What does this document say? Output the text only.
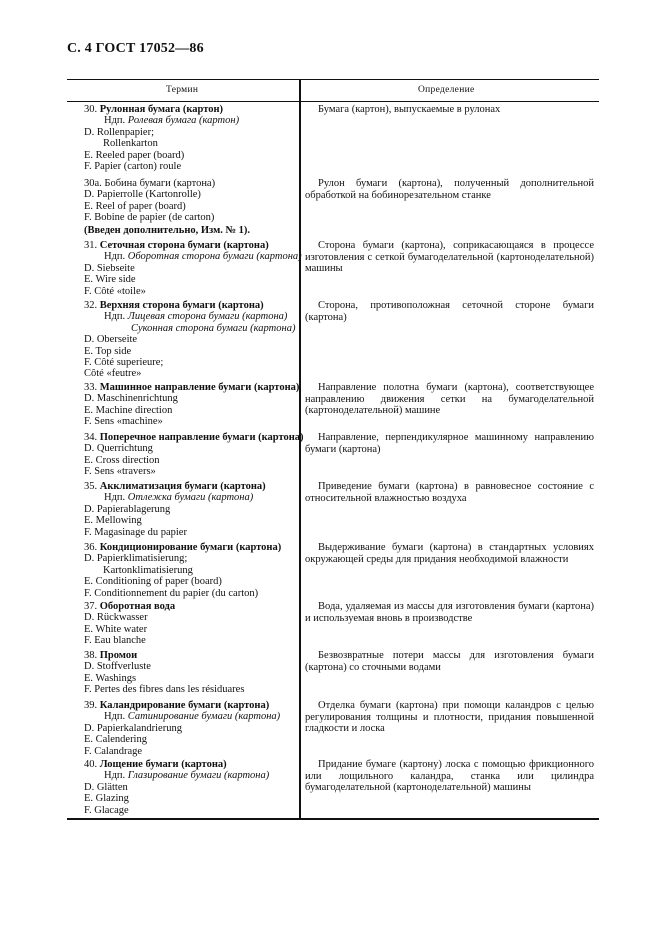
С. 4 ГОСТ 17052—86
Термин	Определение
30. Рулонная бумага (картон)
Ндп. Ролевая бумага (картон)
D. Rollenpapier;
Rollenkarton
E. Reeled paper (board)
F. Papier (carton) roule
Бумага (картон), выпускаемые в рулонах
30а. Бобина бумаги (картона)
D. Papierrolle (Kartonrolle)
E. Reel of paper (board)
F. Bobine de papier (de carton)
Рулон бумаги (картона), полученный дополнительной обработкой на бобинорезательном станке
(Введен дополнительно, Изм. № 1).
31. Сеточная сторона бумаги (картона)
Ндп. Оборотная сторона бумаги (картона)
D. Siebseite
E. Wire side
F. Côté «toile»
Сторона бумаги (картона), соприкасающаяся в процессе изготовления с сеткой бумагоделательной (картоноделательной) машины
32. Верхняя сторона бумаги (картона)
Ндп. Лицевая сторона бумаги (картона)
Суконная сторона бумаги (картона)
D. Oberseite
E. Top side
F. Côté superieure;
Côté «feutre»
Сторона, противоположная сеточной стороне бумаги (картона)
33. Машинное направление бумаги (картона)
D. Maschinenrichtung
E. Machine direction
F. Sens «machine»
Направление полотна бумаги (картона), соответствующее направлению движения сетки на бумагоделательной (картоноделательной) машине
34. Поперечное направление бумаги (картона)
D. Querrichtung
E. Cross direction
F. Sens «travers»
Направление, перпендикулярное машинному направлению бумаги (картона)
35. Акклиматизация бумаги (картона)
Ндп. Отлежка бумаги (картона)
D. Papierablagerung
E. Mellowing
F. Magasinage du papier
Приведение бумаги (картона) в равновесное состояние с относительной влажностью воздуха
36. Кондиционирование бумаги (картона)
D. Papierklimatisierung;
Kartonklimatisierung
E. Conditioning of paper (board)
F. Conditionnement du papier (du carton)
Выдерживание бумаги (картона) в стандартных условиях окружающей среды для придания необходимой влажности
37. Оборотная вода
D. Rückwasser
E. White water
F. Eau blanche
Вода, удаляемая из массы для изготовления бумаги (картона) и используемая вновь в производстве
38. Промои
D. Stoffverluste
E. Washings
F. Pertes des fibres dans les résiduares
Безвозвратные потери массы для изготовления бумаги (картона) со сточными водами
39. Каландрирование бумаги (картона)
Ндп. Сатинирование бумаги (картона)
D. Papierkalandrierung
E. Calendering
F. Calandrage
Отделка бумаги (картона) при помощи каландров с целью регулирования толщины и плотности, придания повышенной гладкости и лоска
40. Лощение бумаги (картона)
Ндп. Глазирование бумаги (картона)
D. Glätten
E. Glazing
F. Glacage
Придание бумаге (картону) лоска с помощью фрикционного или лощильного каландра, станка или цилиндра бумагоделательной (картоноделательной) машины
